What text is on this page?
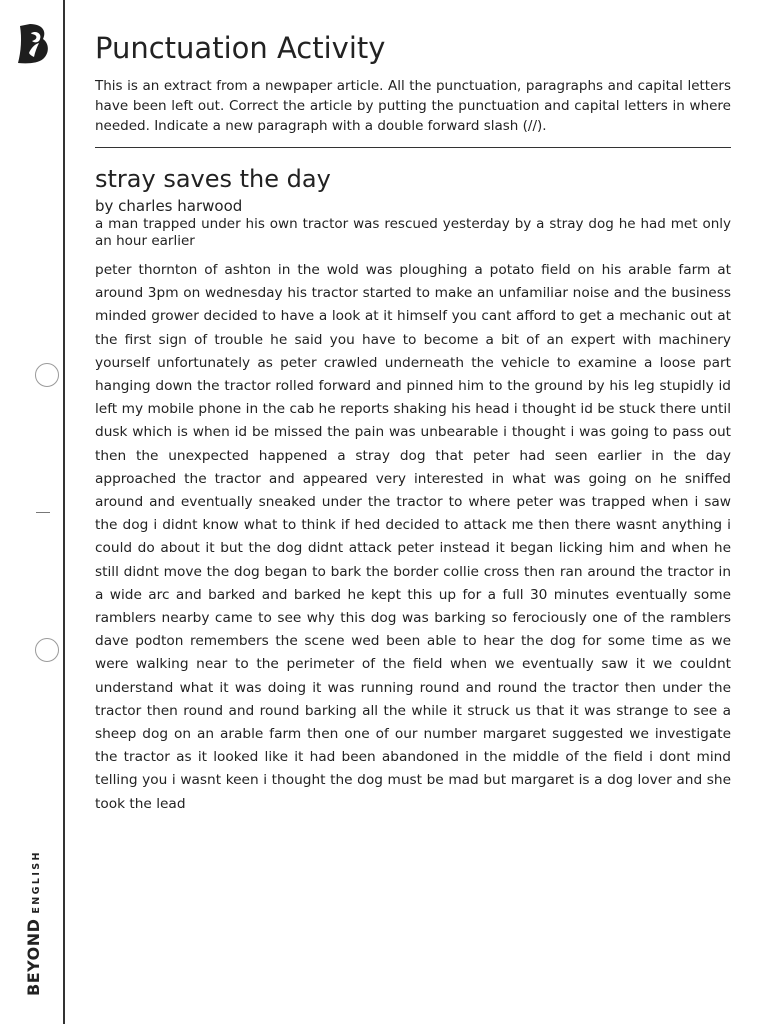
BEYONDENGLISH
Punctuation Activity

This is an extract from a newpaper article. All the punctuation, paragraphs and capital letters have been left out. Correct the article by putting the punctuation and capital letters in where needed. Indicate a new paragraph with a double forward slash (//).

stray saves the day

by charles harwood

a man trapped under his own tractor was rescued yesterday by a stray dog he had met only an hour earlier

peter thornton of ashton in the wold was ploughing a potato field on his arable farm at around 3pm on wednesday his tractor started to make an unfamiliar noise and the business minded grower decided to have a look at it himself you cant afford to get a mechanic out at the first sign of trouble he said you have to become a bit of an expert with machinery yourself unfortunately as peter crawled underneath the vehicle to examine a loose part hanging down the tractor rolled forward and pinned him to the ground by his leg stupidly id left my mobile phone in the cab he reports shaking his head i thought id be stuck there until dusk which is when id be missed the pain was unbearable i thought i was going to pass out then the unexpected happened a stray dog that peter had seen earlier in the day approached the tractor and appeared very interested in what was going on he sniffed around and eventually sneaked under the tractor to where peter was trapped when i saw the dog i didnt know what to think if hed decided to attack me then there wasnt anything i could do about it but the dog didnt attack peter instead it began licking him and when he still didnt move the dog began to bark the border collie cross then ran around the tractor in a wide arc and barked and barked he kept this up for a full 30 minutes eventually some ramblers nearby came to see why this dog was barking so ferociously one of the ramblers dave podton remembers the scene wed been able to hear the dog for some time as we were walking near to the perimeter of the field when we eventually saw it we couldnt understand what it was doing it was running round and round the tractor then under the tractor then round and round barking all the while it struck us that it was strange to see a sheep dog on an arable farm then one of our number margaret suggested we investigate the tractor as it looked like it had been abandoned in the middle of the field i dont mind telling you i wasnt keen i thought the dog must be mad but margaret is a dog lover and she took the lead
